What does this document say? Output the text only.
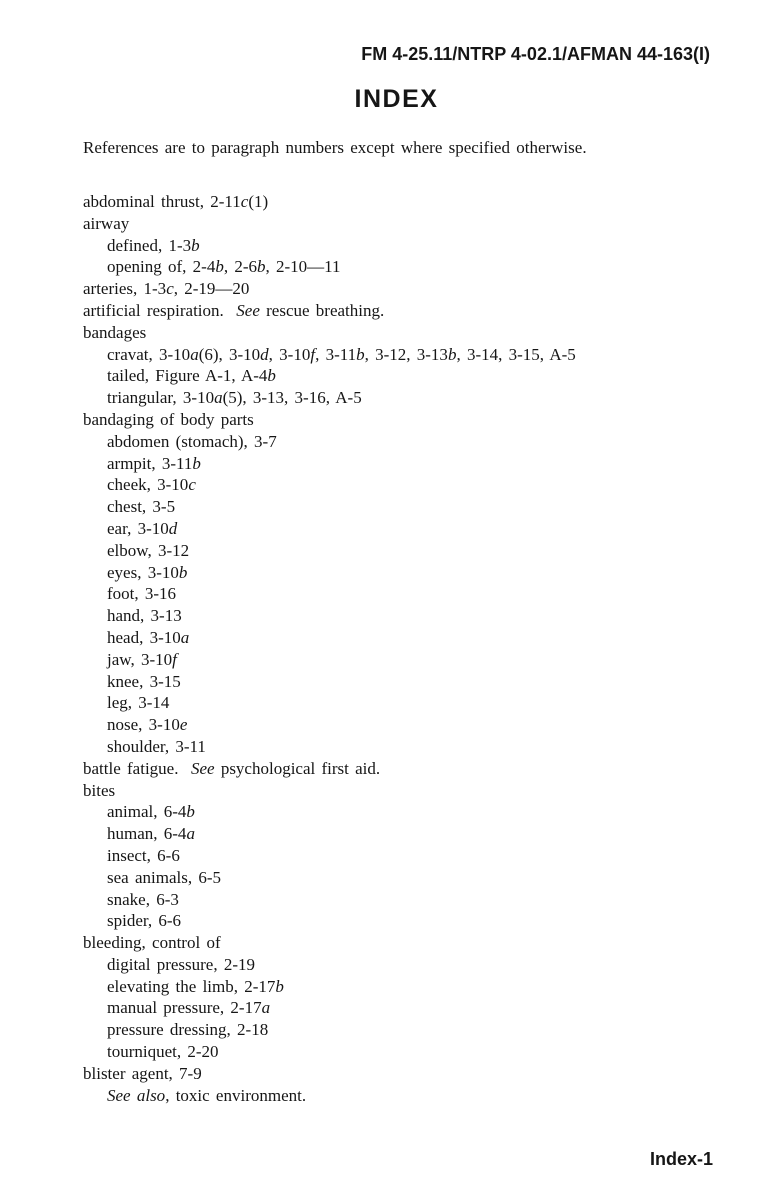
FM 4-25.11/NTRP 4-02.1/AFMAN 44-163(I)
INDEX
References are to paragraph numbers except where specified otherwise.
abdominal thrust, 2-11c(1)
airway
defined, 1-3b
opening of, 2-4b, 2-6b, 2-10—11
arteries, 1-3c, 2-19—20
artificial respiration.  See rescue breathing.
bandages
cravat, 3-10a(6), 3-10d, 3-10f, 3-11b, 3-12, 3-13b, 3-14, 3-15, A-5
tailed, Figure A-1, A-4b
triangular, 3-10a(5), 3-13, 3-16, A-5
bandaging of body parts
abdomen (stomach), 3-7
armpit, 3-11b
cheek, 3-10c
chest, 3-5
ear, 3-10d
elbow, 3-12
eyes, 3-10b
foot, 3-16
hand, 3-13
head, 3-10a
jaw, 3-10f
knee, 3-15
leg, 3-14
nose, 3-10e
shoulder, 3-11
battle fatigue.  See psychological first aid.
bites
animal, 6-4b
human, 6-4a
insect, 6-6
sea animals, 6-5
snake, 6-3
spider, 6-6
bleeding, control of
digital pressure, 2-19
elevating the limb, 2-17b
manual pressure, 2-17a
pressure dressing, 2-18
tourniquet, 2-20
blister agent, 7-9
See also, toxic environment.
Index-1
